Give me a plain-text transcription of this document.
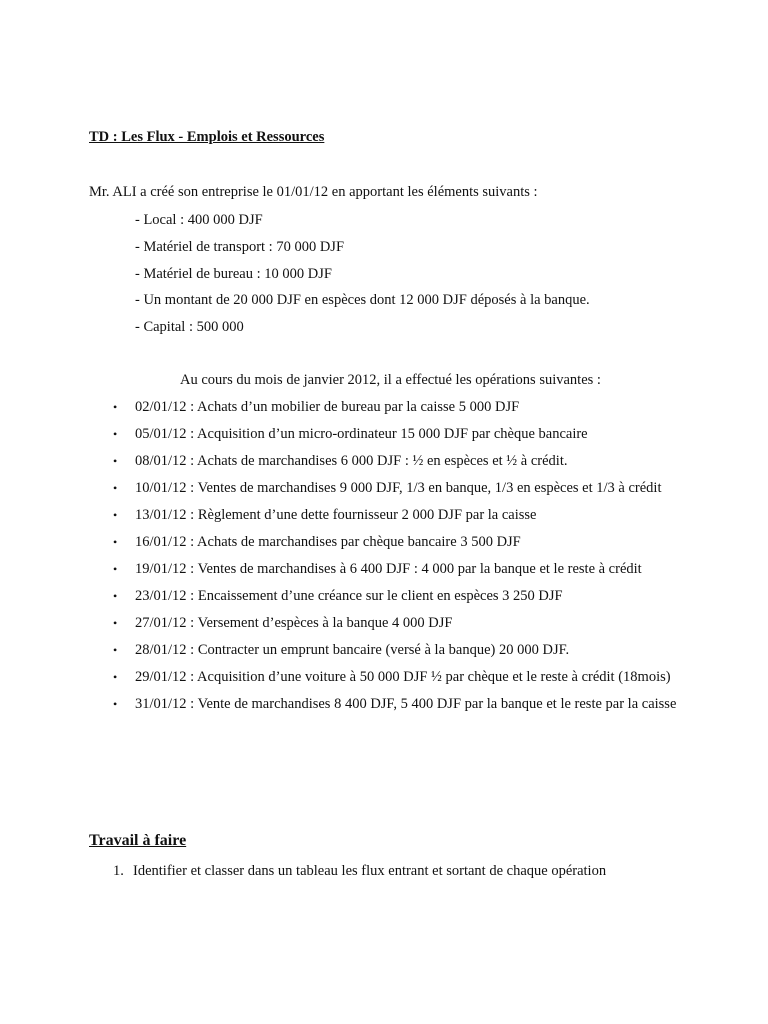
TD : Les Flux - Emplois et Ressources

Mr. ALI a créé son entreprise le 01/01/12 en apportant les éléments suivants :

- Local : 400 000 DJF
- Matériel de transport : 70 000 DJF
- Matériel de bureau : 10 000 DJF
- Un montant de 20 000 DJF en espèces dont 12 000 DJF déposés à la banque.
- Capital : 500 000

Au cours du mois de janvier 2012, il a effectué les opérations suivantes :

• 02/01/12 : Achats d’un mobilier de bureau par la caisse 5 000 DJF
• 05/01/12 : Acquisition d’un micro-ordinateur 15 000 DJF par chèque bancaire
• 08/01/12 : Achats de marchandises 6 000 DJF : ½ en espèces et ½ à crédit.
• 10/01/12 : Ventes de marchandises 9 000 DJF, 1/3 en banque, 1/3 en espèces et 1/3 à crédit
• 13/01/12 : Règlement d’une dette fournisseur 2 000 DJF par la caisse
• 16/01/12 : Achats de marchandises par chèque bancaire 3 500 DJF
• 19/01/12 : Ventes de marchandises à 6 400 DJF : 4 000 par la banque et le reste à crédit
• 23/01/12 : Encaissement d’une créance sur le client en espèces 3 250 DJF
• 27/01/12 : Versement d’espèces à la banque 4 000 DJF
• 28/01/12 : Contracter un emprunt bancaire (versé à la banque) 20 000 DJF.
• 29/01/12 : Acquisition d’une voiture à 50 000 DJF ½ par chèque et le reste à crédit (18mois)
• 31/01/12 : Vente de marchandises 8 400 DJF, 5 400 DJF par la banque et le reste par la caisse

Travail à faire

1. Identifier et classer dans un tableau les flux entrant et sortant de chaque opération
